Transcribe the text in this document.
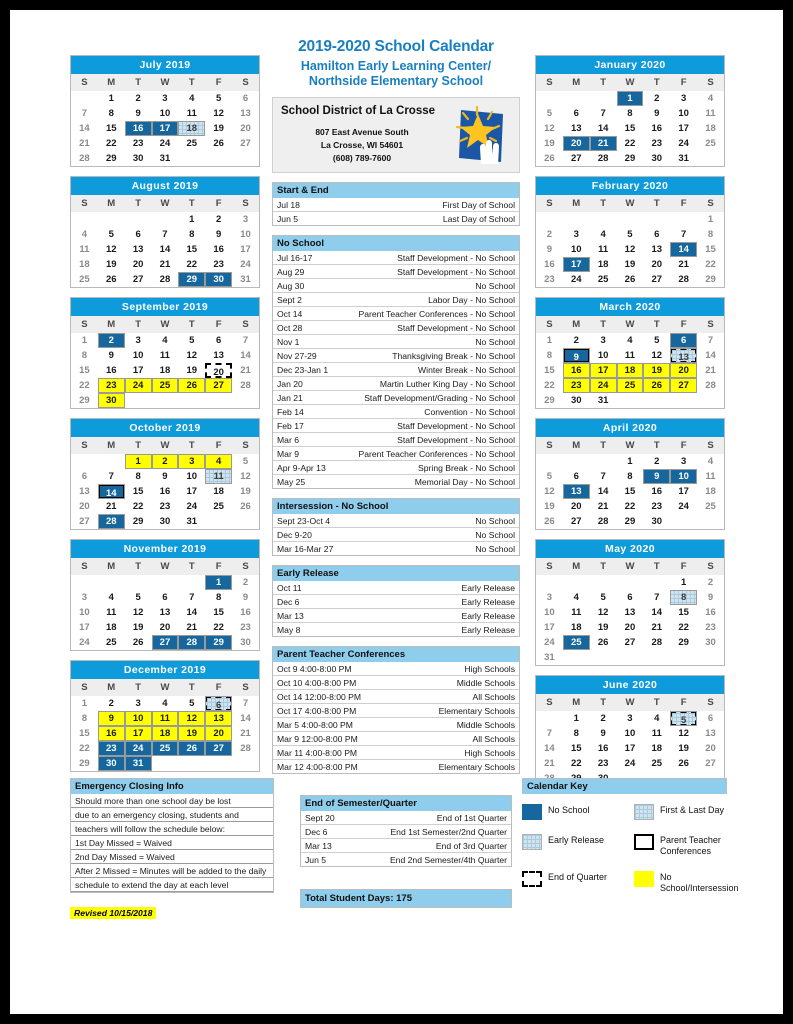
July 2019
S	M	T	W	T	F	S

	1	2	3	4	5	6

7	8	9	10	11	12	13

14	15	16	17	18	19	20

21	22	23	24	25	26	27

28	29	30	31			

August 2019
S	M	T	W	T	F	S

				1	2	3

4	5	6	7	8	9	10

11	12	13	14	15	16	17

18	19	20	21	22	23	24

25	26	27	28	29	30	31
September 2019
S	M	T	W	T	F	S

1	2	3	4	5	6	7

8	9	10	11	12	13	14

15	16	17	18	19	20	21

22	23	24	25	26	27	28

29	30					

October 2019
S	M	T	W	T	F	S

		1	2	3	4	5

6	7	8	9	10	11	12

13	14	15	16	17	18	19

20	21	22	23	24	25	26

27	28	29	30	31		

November 2019
S	M	T	W	T	F	S

					1	2

3	4	5	6	7	8	9

10	11	12	13	14	15	16

17	18	19	20	21	22	23

24	25	26	27	28	29	30
December 2019
S	M	T	W	T	F	S

1	2	3	4	5	6	7

8	9	10	11	12	13	14

15	16	17	18	19	20	21

22	23	24	25	26	27	28

29	30	31				

January 2020
S	M	T	W	T	F	S

			1	2	3	4

5	6	7	8	9	10	11

12	13	14	15	16	17	18

19	20	21	22	23	24	25

26	27	28	29	30	31	

February 2020
S	M	T	W	T	F	S

						1

2	3	4	5	6	7	8

9	10	11	12	13	14	15

16	17	18	19	20	21	22

23	24	25	26	27	28	29
March 2020
S	M	T	W	T	F	S

1	2	3	4	5	6	7

8	9	10	11	12	13	14

15	16	17	18	19	20	21

22	23	24	25	26	27	28

29	30	31				

April 2020
S	M	T	W	T	F	S

			1	2	3	4

5	6	7	8	9	10	11

12	13	14	15	16	17	18

19	20	21	22	23	24	25

26	27	28	29	30		

May 2020
S	M	T	W	T	F	S

					1	2

3	4	5	6	7	8	9

10	11	12	13	14	15	16

17	18	19	20	21	22	23

24	25	26	27	28	29	30

31						

June 2020
S	M	T	W	T	F	S

	1	2	3	4	5	6

7	8	9	10	11	12	13

14	15	16	17	18	19	20

21	22	23	24	25	26	27

2019-2020 School Calendar
Hamilton Early Learning Center/
Northside Elementary School
School District of La Crosse
807 East Avenue South
La Crosse, WI 54601
(608) 789-7600
Start & End
Jul 18	First Day of School
Jun 5	Last Day of School
No School
Jul 16-17	Staff Development - No School
Aug 29	Staff Development - No School
Aug 30	No School
Sept 2	Labor Day - No School
Oct 14	Parent Teacher Conferences - No School
Oct 28	Staff Development - No School
Nov 1	No School
Nov 27-29	Thanksgiving Break - No School
Dec 23-Jan 1	Winter Break - No School
Jan 20	Martin Luther King Day - No School
Jan 21	Staff Development/Grading - No School
Feb 14	Convention - No School
Feb 17	Staff Development - No School
Mar 6	Staff Development - No School
Mar 9	Parent Teacher Conferences - No School
Apr 9-Apr 13	Spring Break - No School
May 25	Memorial Day - No School
Intersession - No School
Sept 23-Oct 4	No School
Dec 9-20	No School
Mar 16-Mar 27	No School
Early Release
Oct 11	Early Release
Dec 6	Early Release
Mar 13	Early Release
May 8	Early Release
Parent Teacher Conferences
Oct 9 4:00-8:00 PM	High Schools
Oct 10 4:00-8:00 PM	Middle Schools
Oct 14 12:00-8:00 PM	All Schools
Oct 17 4:00-8:00 PM	Elementary Schools
Mar 5 4:00-8:00 PM	Middle Schools
Mar 9 12:00-8:00 PM	All Schools
Mar 11 4:00-8:00 PM	High Schools
Mar 12 4:00-8:00 PM	Elementary Schools
Emergency Closing Info
Should more than one school day be lost
due to an emergency closing, students and
teachers will follow the schedule below:
1st Day Missed = Waived
2nd Day Missed = Waived
After 2 Missed = Minutes will be added to the daily
schedule to extend the day at each level
Revised 10/15/2018
End of Semester/Quarter
Sept 20	End of 1st Quarter
Dec 6	End 1st Semester/2nd Quarter
Mar 13	End of 3rd Quarter
Jun 5	End 2nd Semester/4th Quarter
Total Student Days: 175
Calendar Key
No School	First & Last Day
Early Release	Parent Teacher Conferences
End of Quarter	No School/Intersession
